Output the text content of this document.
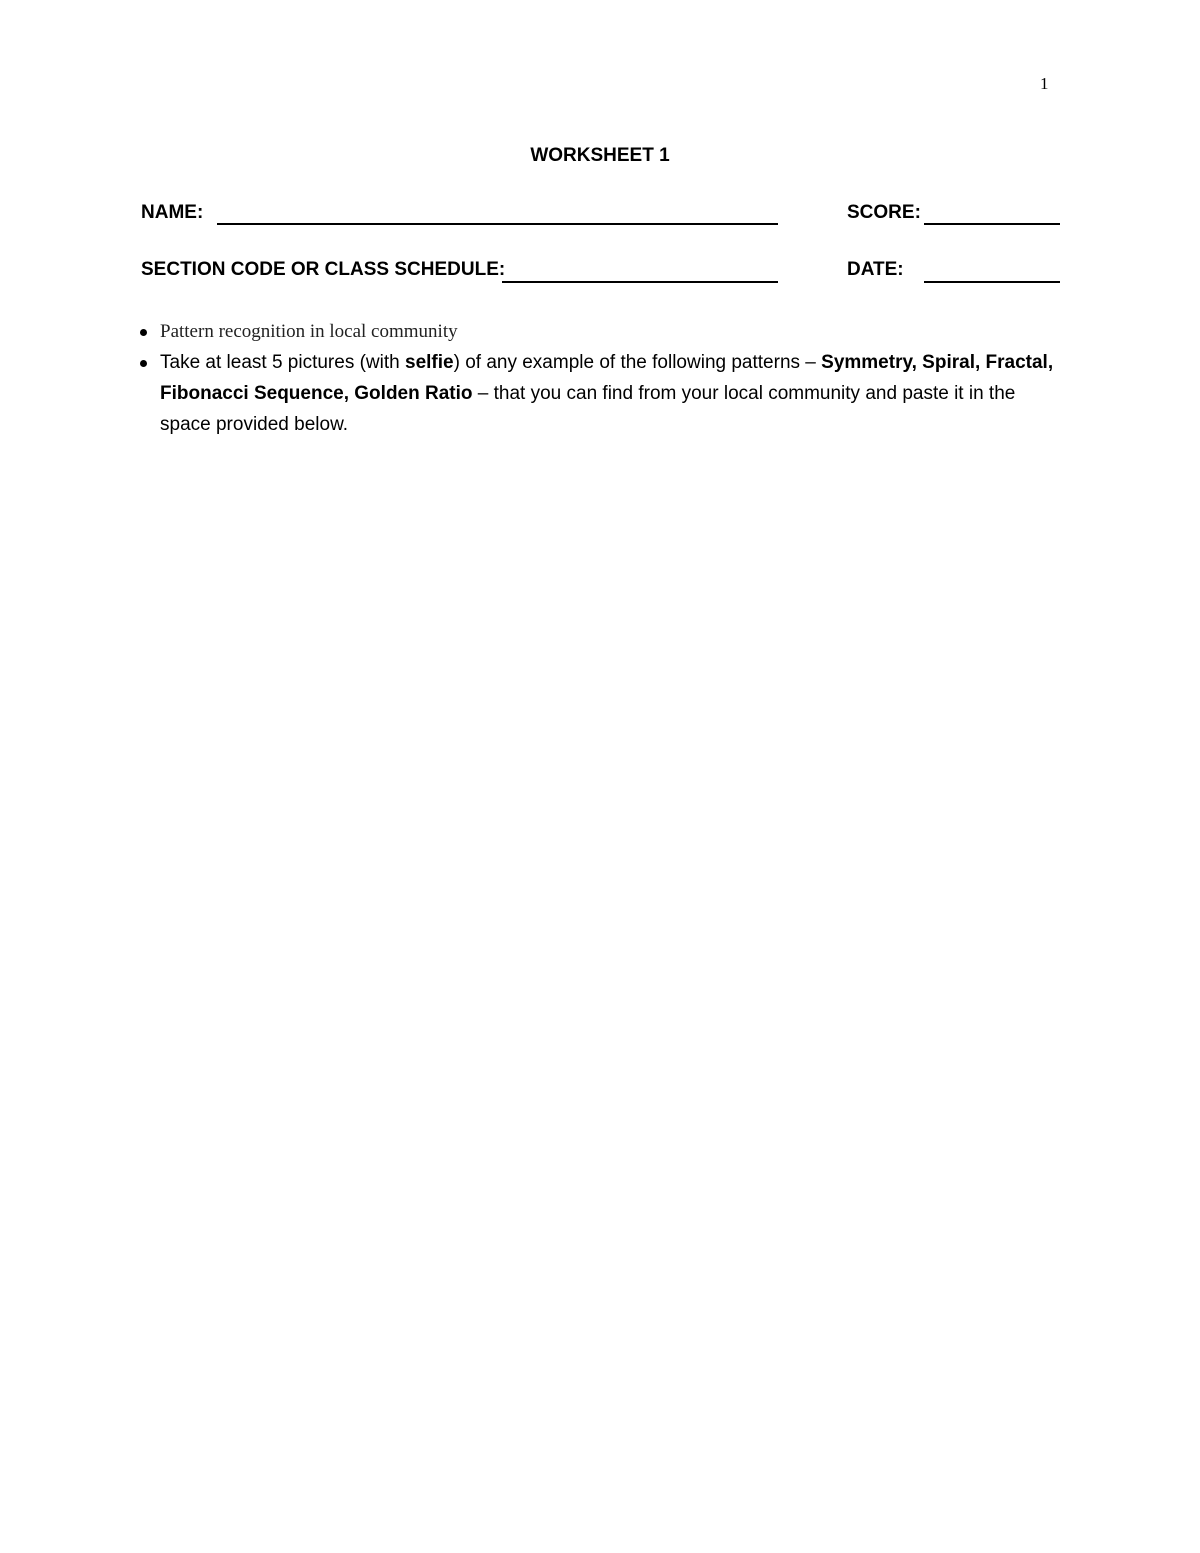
1
WORKSHEET 1
NAME:	SCORE:
SECTION CODE OR CLASS SCHEDULE:	DATE:
Pattern recognition in local community
Take at least 5 pictures (with selfie) of any example of the following patterns – Symmetry, Spiral, Fractal, Fibonacci Sequence, Golden Ratio – that you can find from your local community and paste it in the space provided below.
